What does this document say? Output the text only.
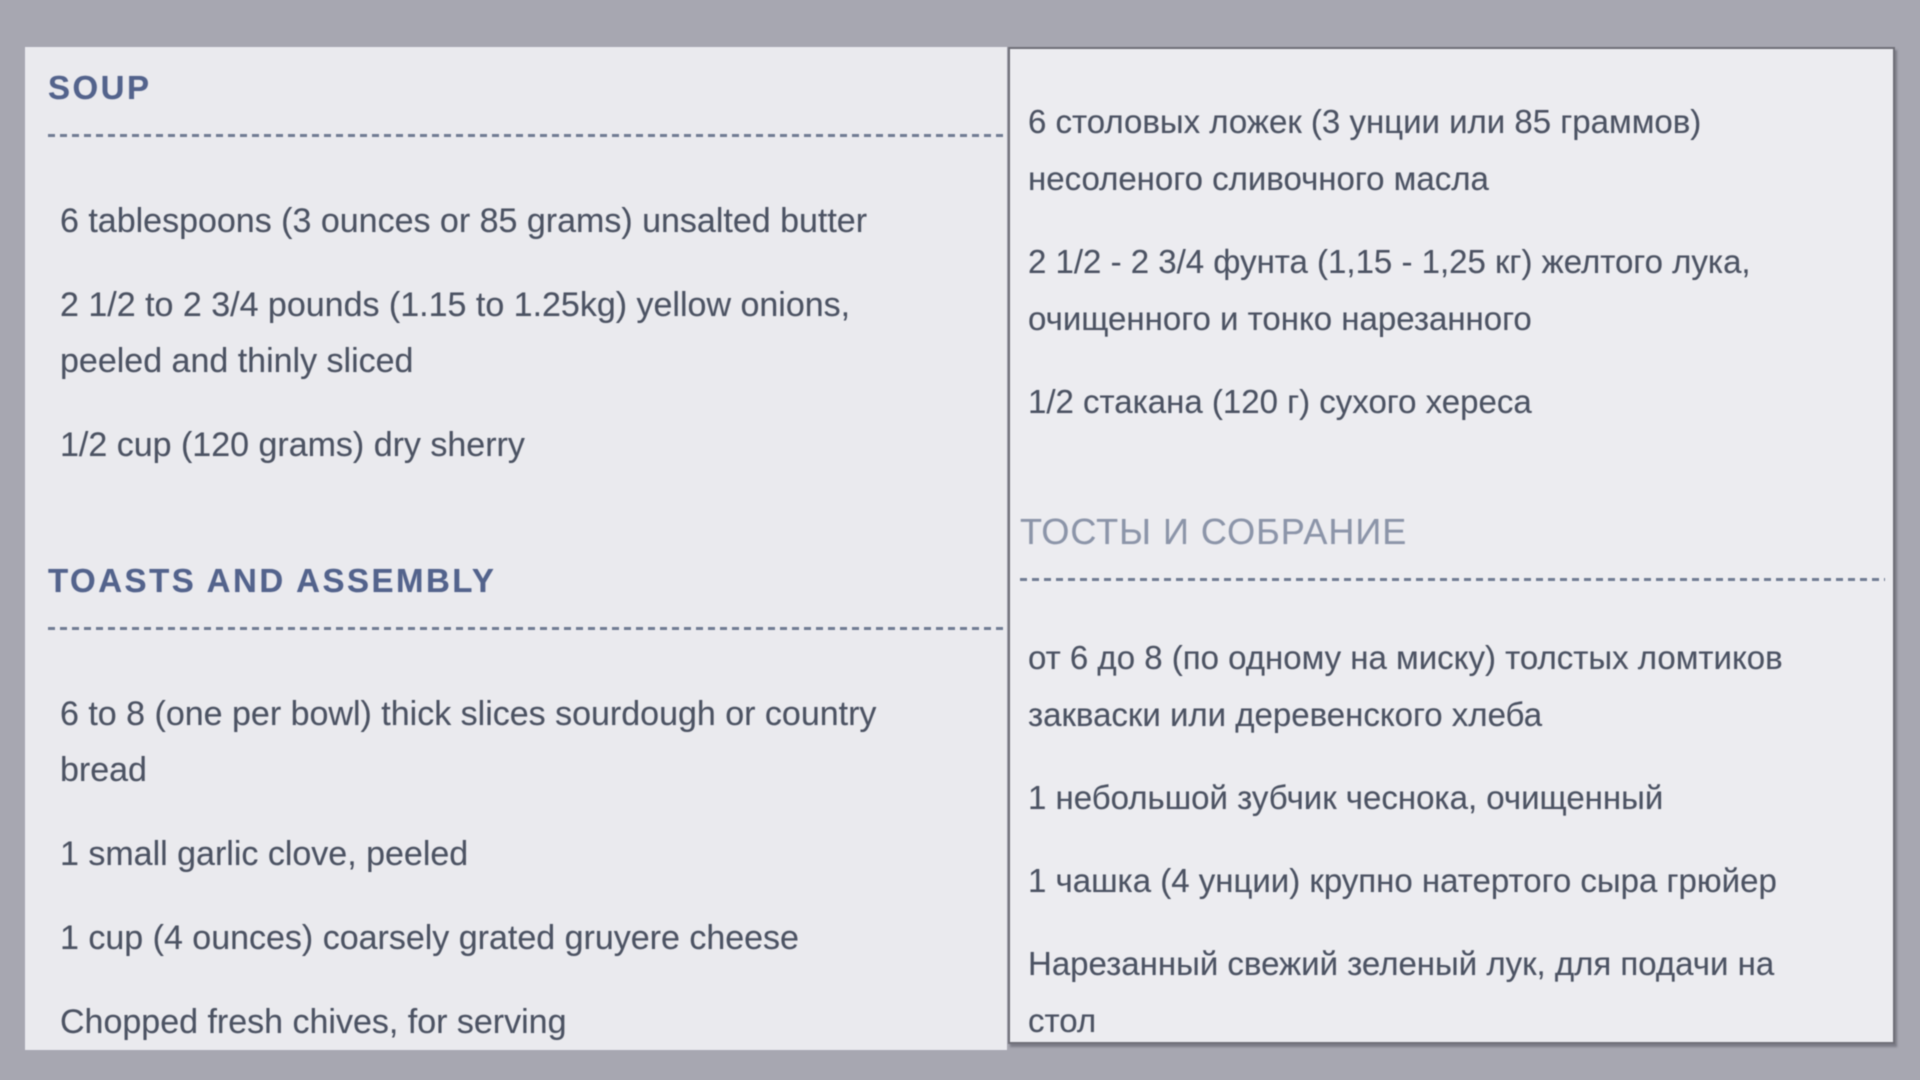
SOUP
6 tablespoons (3 ounces or 85 grams) unsalted butter
2 1/2 to 2 3/4 pounds (1.15 to 1.25kg) yellow onions,
peeled and thinly sliced
1/2 cup (120 grams) dry sherry
TOASTS AND ASSEMBLY
6 to 8 (one per bowl) thick slices sourdough or country
bread
1 small garlic clove, peeled
1 cup (4 ounces) coarsely grated gruyere cheese
Chopped fresh chives, for serving
6 столовых ложек (3 унции или 85 граммов)
несоленого сливочного масла
2 1/2 - 2 3/4 фунта (1,15 - 1,25 кг) желтого лука,
очищенного и тонко нарезанного
1/2 стакана (120 г) сухого хереса
ТОСТЫ И СОБРАНИЕ
от 6 до 8 (по одному на миску) толстых ломтиков
закваски или деревенского хлеба
1 небольшой зубчик чеснока, очищенный
1 чашка (4 унции) крупно натертого сыра грюйер
Нарезанный свежий зеленый лук, для подачи на
стол
